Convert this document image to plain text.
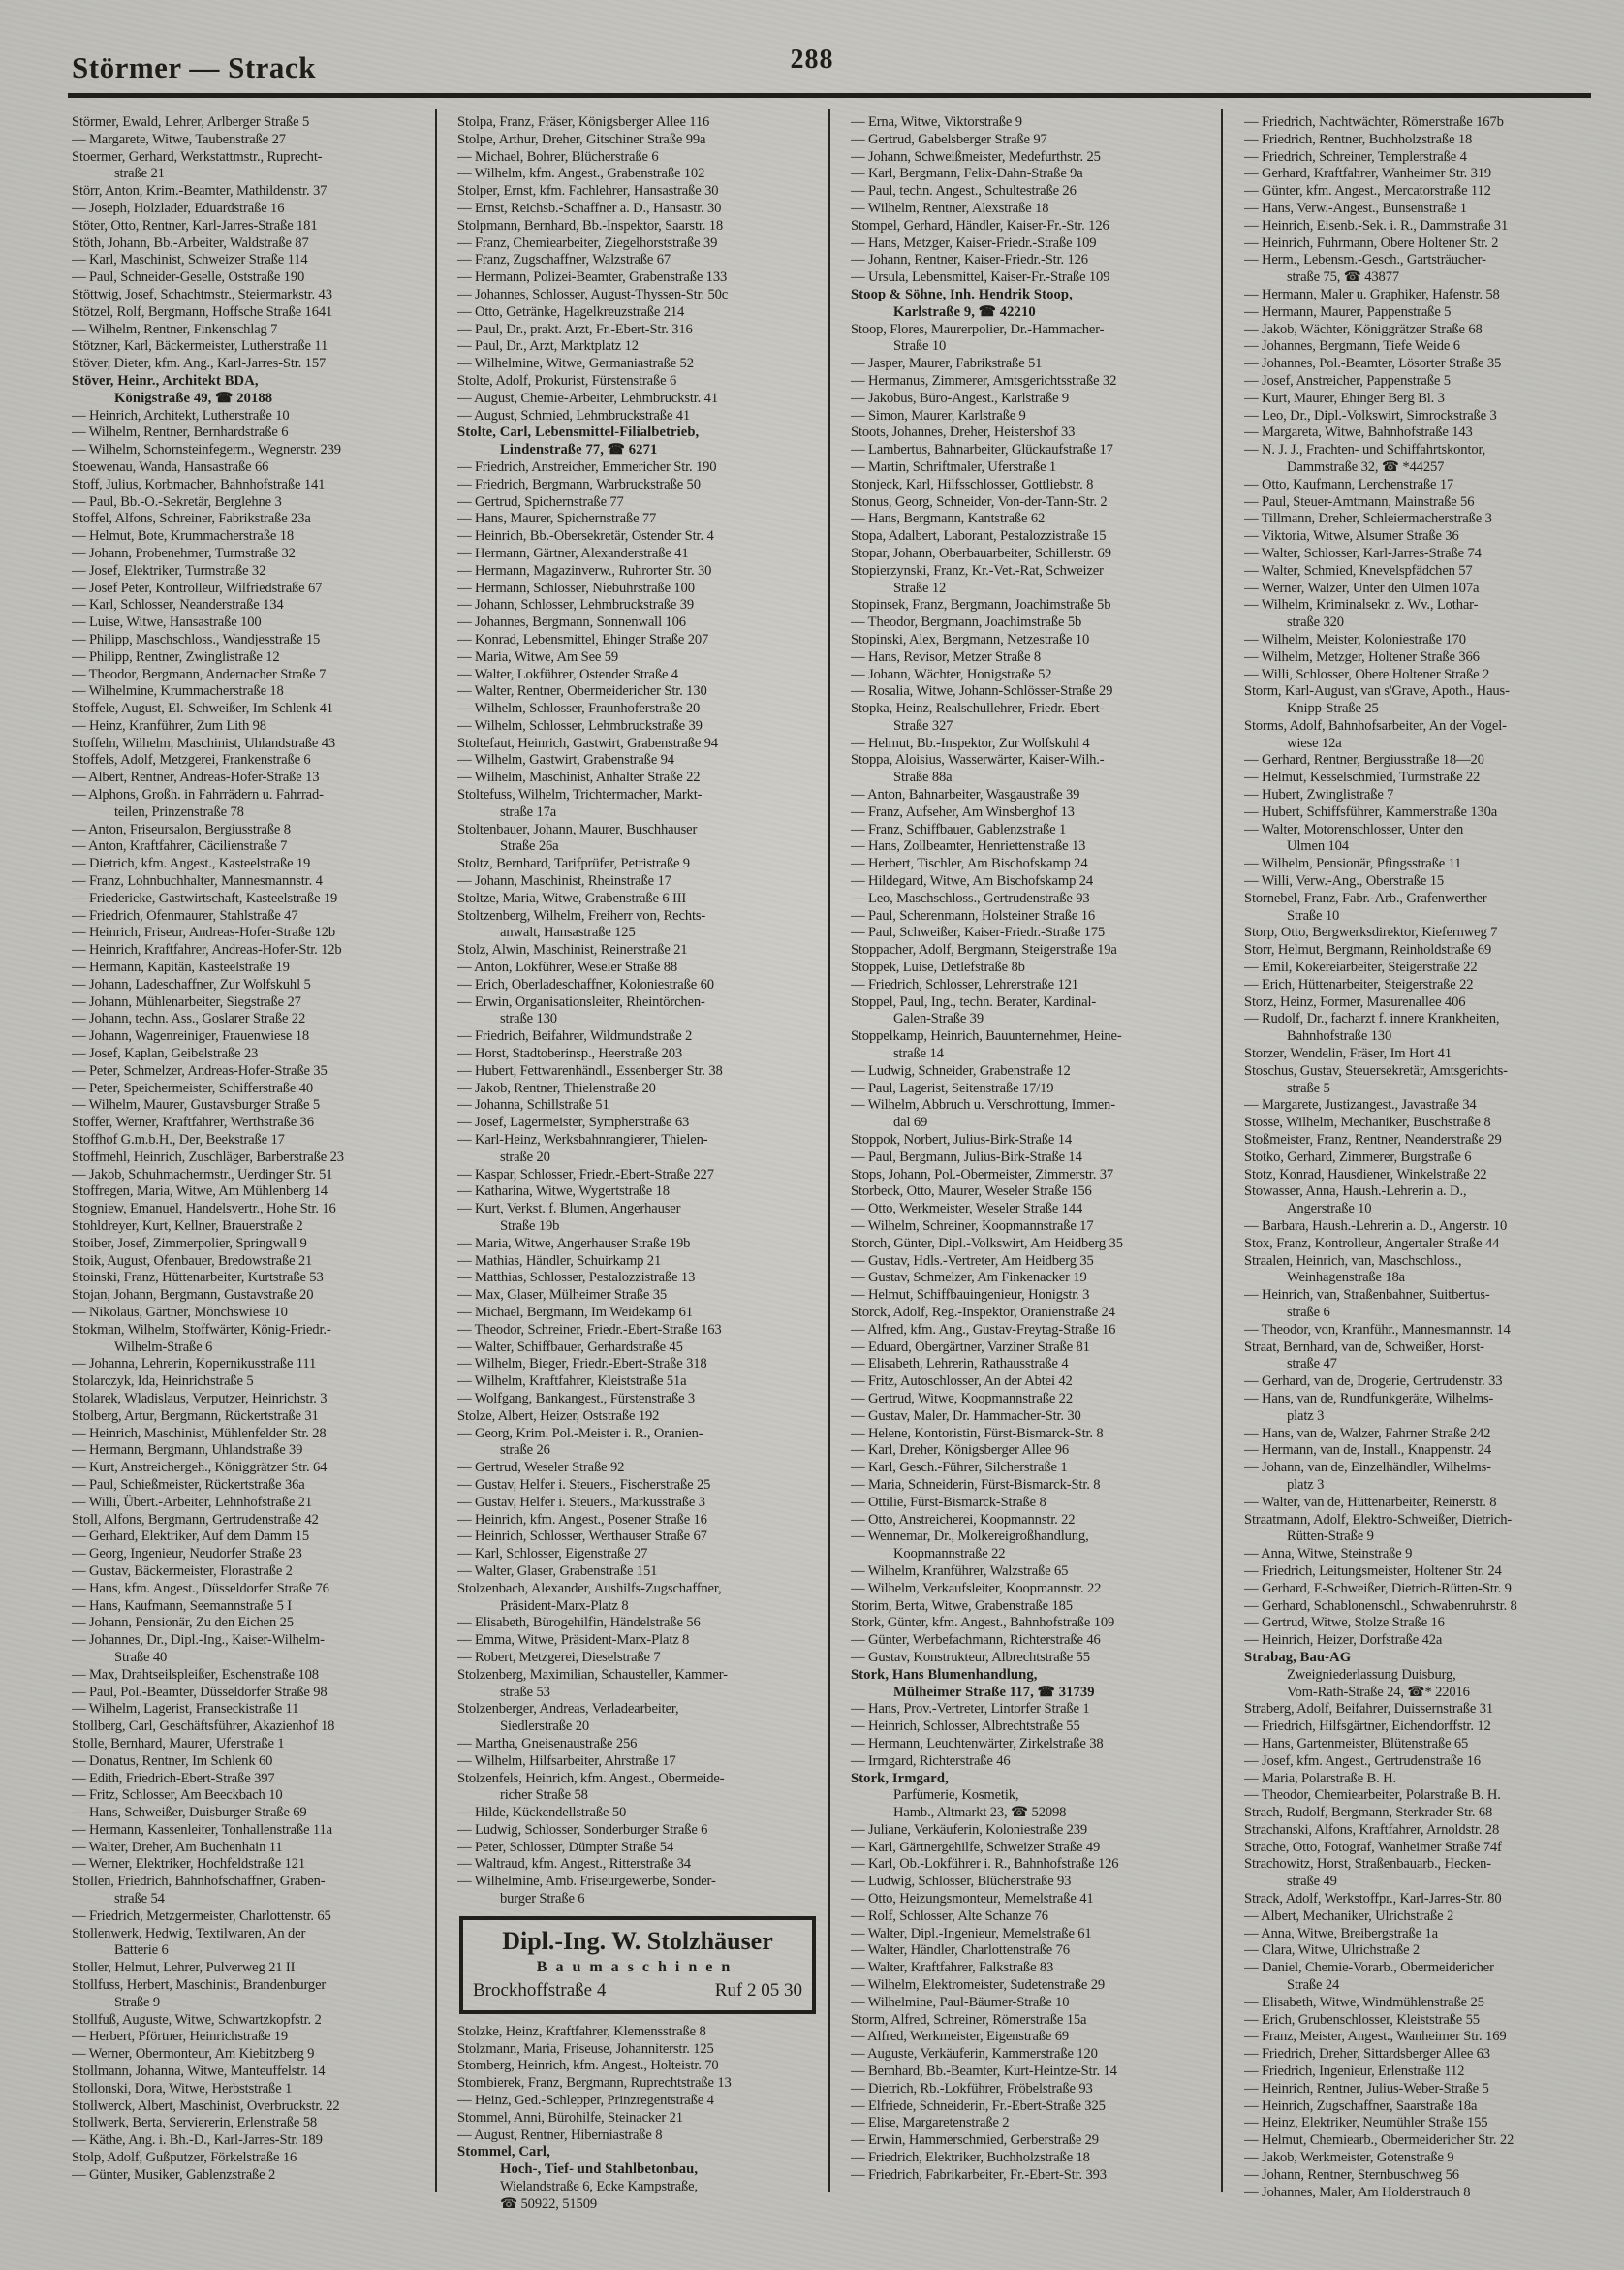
Störmer — Strack	288
Störmer, Ewald, Lehrer, Arlberger Straße 5
— Margarete, Witwe, Taubenstraße 27
Stoermer, Gerhard, Werkstattmstr., Ruprecht-
straße 21
Störr, Anton, Krim.-Beamter, Mathildenstr. 37
— Joseph, Holzlader, Eduardstraße 16
Stöter, Otto, Rentner, Karl-Jarres-Straße 181
Stöth, Johann, Bb.-Arbeiter, Waldstraße 87
— Karl, Maschinist, Schweizer Straße 114
— Paul, Schneider-Geselle, Oststraße 190
Stöttwig, Josef, Schachtmstr., Steiermarkstr. 43
Stötzel, Rolf, Bergmann, Hoffsche Straße 1641
— Wilhelm, Rentner, Finkenschlag 7
Stötzner, Karl, Bäckermeister, Lutherstraße 11
Stöver, Dieter, kfm. Ang., Karl-Jarres-Str. 157
Stöver, Heinr., Architekt BDA,
Königstraße 49, ☎ 20188
— Heinrich, Architekt, Lutherstraße 10
— Wilhelm, Rentner, Bernhardstraße 6
— Wilhelm, Schornsteinfegerm., Wegnerstr. 239
Stoewenau, Wanda, Hansastraße 66
Stoff, Julius, Korbmacher, Bahnhofstraße 141
— Paul, Bb.-O.-Sekretär, Berglehne 3
Stoffel, Alfons, Schreiner, Fabrikstraße 23a
— Helmut, Bote, Krummacherstraße 18
— Johann, Probenehmer, Turmstraße 32
— Josef, Elektriker, Turmstraße 32
— Josef Peter, Kontrolleur, Wilfriedstraße 67
— Karl, Schlosser, Neanderstraße 134
— Luise, Witwe, Hansastraße 100
— Philipp, Maschschloss., Wandjesstraße 15
— Philipp, Rentner, Zwinglistraße 12
— Theodor, Bergmann, Andernacher Straße 7
— Wilhelmine, Krummacherstraße 18
Stoffele, August, El.-Schweißer, Im Schlenk 41
— Heinz, Kranführer, Zum Lith 98
Stoffeln, Wilhelm, Maschinist, Uhlandstraße 43
Stoffels, Adolf, Metzgerei, Frankenstraße 6
— Albert, Rentner, Andreas-Hofer-Straße 13
— Alphons, Großh. in Fahrrädern u. Fahrrad-
teilen, Prinzenstraße 78
— Anton, Friseursalon, Bergiusstraße 8
— Anton, Kraftfahrer, Cäcilienstraße 7
— Dietrich, kfm. Angest., Kasteelstraße 19
— Franz, Lohnbuchhalter, Mannesmannstr. 4
— Friedericke, Gastwirtschaft, Kasteelstraße 19
— Friedrich, Ofenmaurer, Stahlstraße 47
— Heinrich, Friseur, Andreas-Hofer-Straße 12b
— Heinrich, Kraftfahrer, Andreas-Hofer-Str. 12b
— Hermann, Kapitän, Kasteelstraße 19
— Johann, Ladeschaffner, Zur Wolfskuhl 5
— Johann, Mühlenarbeiter, Siegstraße 27
— Johann, techn. Ass., Goslarer Straße 22
— Johann, Wagenreiniger, Frauenwiese 18
— Josef, Kaplan, Geibelstraße 23
— Peter, Schmelzer, Andreas-Hofer-Straße 35
— Peter, Speichermeister, Schifferstraße 40
— Wilhelm, Maurer, Gustavsburger Straße 5
Stoffer, Werner, Kraftfahrer, Werthstraße 36
Stoffhof G.m.b.H., Der, Beekstraße 17
Stoffmehl, Heinrich, Zuschläger, Barberstraße 23
— Jakob, Schuhmachermstr., Uerdinger Str. 51
Stoffregen, Maria, Witwe, Am Mühlenberg 14
Stogniew, Emanuel, Handelsvertr., Hohe Str. 16
Stohldreyer, Kurt, Kellner, Brauerstraße 2
Stoiber, Josef, Zimmerpolier, Springwall 9
Stoik, August, Ofenbauer, Bredowstraße 21
Stoinski, Franz, Hüttenarbeiter, Kurtstraße 53
Stojan, Johann, Bergmann, Gustavstraße 20
— Nikolaus, Gärtner, Mönchswiese 10
Stokman, Wilhelm, Stoffwärter, König-Friedr.-
Wilhelm-Straße 6
— Johanna, Lehrerin, Kopernikusstraße 111
Stolarczyk, Ida, Heinrichstraße 5
Stolarek, Wladislaus, Verputzer, Heinrichstr. 3
Stolberg, Artur, Bergmann, Rückertstraße 31
— Heinrich, Maschinist, Mühlenfelder Str. 28
— Hermann, Bergmann, Uhlandstraße 39
— Kurt, Anstreichergeh., Königgrätzer Str. 64
— Paul, Schießmeister, Rückertstraße 36a
— Willi, Übert.-Arbeiter, Lehnhofstraße 21
Stoll, Alfons, Bergmann, Gertrudenstraße 42
— Gerhard, Elektriker, Auf dem Damm 15
— Georg, Ingenieur, Neudorfer Straße 23
— Gustav, Bäckermeister, Florastraße 2
— Hans, kfm. Angest., Düsseldorfer Straße 76
— Hans, Kaufmann, Seemannstraße 5 I
— Johann, Pensionär, Zu den Eichen 25
— Johannes, Dr., Dipl.-Ing., Kaiser-Wilhelm-
Straße 40
— Max, Drahtseilspleißer, Eschenstraße 108
— Paul, Pol.-Beamter, Düsseldorfer Straße 98
— Wilhelm, Lagerist, Franseckistraße 11
Stollberg, Carl, Geschäftsführer, Akazienhof 18
Stolle, Bernhard, Maurer, Uferstraße 1
— Donatus, Rentner, Im Schlenk 60
— Edith, Friedrich-Ebert-Straße 397
— Fritz, Schlosser, Am Beeckbach 10
— Hans, Schweißer, Duisburger Straße 69
— Hermann, Kassenleiter, Tonhallenstraße 11a
— Walter, Dreher, Am Buchenhain 11
— Werner, Elektriker, Hochfeldstraße 121
Stollen, Friedrich, Bahnhofschaffner, Graben-
straße 54
— Friedrich, Metzgermeister, Charlottenstr. 65
Stollenwerk, Hedwig, Textilwaren, An der
Batterie 6
Stoller, Helmut, Lehrer, Pulverweg 21 II
Stollfuss, Herbert, Maschinist, Brandenburger
Straße 9
Stollfuß, Auguste, Witwe, Schwartzkopfstr. 2
— Herbert, Pförtner, Heinrichstraße 19
— Werner, Obermonteur, Am Kiebitzberg 9
Stollmann, Johanna, Witwe, Manteuffelstr. 14
Stollonski, Dora, Witwe, Herbststraße 1
Stollwerck, Albert, Maschinist, Overbruckstr. 22
Stollwerk, Berta, Serviererin, Erlenstraße 58
— Käthe, Ang. i. Bh.-D., Karl-Jarres-Str. 189
Stolp, Adolf, Gußputzer, Förkelstraße 16
— Günter, Musiker, Gablenzstraße 2
Stolpa, Franz, Fräser, Königsberger Allee 116
Stolpe, Arthur, Dreher, Gitschiner Straße 99a
— Michael, Bohrer, Blücherstraße 6
— Wilhelm, kfm. Angest., Grabenstraße 102
Stolper, Ernst, kfm. Fachlehrer, Hansastraße 30
— Ernst, Reichsb.-Schaffner a. D., Hansastr. 30
Stolpmann, Bernhard, Bb.-Inspektor, Saarstr. 18
— Franz, Chemiearbeiter, Ziegelhorststraße 39
— Franz, Zugschaffner, Walzstraße 67
— Hermann, Polizei-Beamter, Grabenstraße 133
— Johannes, Schlosser, August-Thyssen-Str. 50c
— Otto, Getränke, Hagelkreuzstraße 214
— Paul, Dr., prakt. Arzt, Fr.-Ebert-Str. 316
— Paul, Dr., Arzt, Marktplatz 12
— Wilhelmine, Witwe, Germaniastraße 52
Stolte, Adolf, Prokurist, Fürstenstraße 6
— August, Chemie-Arbeiter, Lehmbruckstr. 41
— August, Schmied, Lehmbruckstraße 41
Stolte, Carl, Lebensmittel-Filialbetrieb,
Lindenstraße 77, ☎ 6271
— Friedrich, Anstreicher, Emmericher Str. 190
— Friedrich, Bergmann, Warbruckstraße 50
— Gertrud, Spichernstraße 77
— Hans, Maurer, Spichernstraße 77
— Heinrich, Bb.-Obersekretär, Ostender Str. 4
— Hermann, Gärtner, Alexanderstraße 41
— Hermann, Magazinverw., Ruhrorter Str. 30
— Hermann, Schlosser, Niebuhrstraße 100
— Johann, Schlosser, Lehmbruckstraße 39
— Johannes, Bergmann, Sonnenwall 106
— Konrad, Lebensmittel, Ehinger Straße 207
— Maria, Witwe, Am See 59
— Walter, Lokführer, Ostender Straße 4
— Walter, Rentner, Obermeidericher Str. 130
— Wilhelm, Schlosser, Fraunhoferstraße 20
— Wilhelm, Schlosser, Lehmbruckstraße 39
Stoltefaut, Heinrich, Gastwirt, Grabenstraße 94
— Wilhelm, Gastwirt, Grabenstraße 94
— Wilhelm, Maschinist, Anhalter Straße 22
Stoltefuss, Wilhelm, Trichtermacher, Markt-
straße 17a
Stoltenbauer, Johann, Maurer, Buschhauser
Straße 26a
Stoltz, Bernhard, Tarifprüfer, Petristraße 9
— Johann, Maschinist, Rheinstraße 17
Stoltze, Maria, Witwe, Grabenstraße 6 III
Stoltzenberg, Wilhelm, Freiherr von, Rechts-
anwalt, Hansastraße 125
Stolz, Alwin, Maschinist, Reinerstraße 21
— Anton, Lokführer, Weseler Straße 88
— Erich, Oberladeschaffner, Koloniestraße 60
— Erwin, Organisationsleiter, Rheintörchen-
straße 130
— Friedrich, Beifahrer, Wildmundstraße 2
— Horst, Stadtoberinsp., Heerstraße 203
— Hubert, Fettwarenhändl., Essenberger Str. 38
— Jakob, Rentner, Thielenstraße 20
— Johanna, Schillstraße 51
— Josef, Lagermeister, Sympherstraße 63
— Karl-Heinz, Werksbahnrangierer, Thielen-
straße 20
— Kaspar, Schlosser, Friedr.-Ebert-Straße 227
— Katharina, Witwe, Wygertstraße 18
— Kurt, Verkst. f. Blumen, Angerhauser
Straße 19b
— Maria, Witwe, Angerhauser Straße 19b
— Mathias, Händler, Schuirkamp 21
— Matthias, Schlosser, Pestalozzistraße 13
— Max, Glaser, Mülheimer Straße 35
— Michael, Bergmann, Im Weidekamp 61
— Theodor, Schreiner, Friedr.-Ebert-Straße 163
— Walter, Schiffbauer, Gerhardstraße 45
— Wilhelm, Bieger, Friedr.-Ebert-Straße 318
— Wilhelm, Kraftfahrer, Kleiststraße 51a
— Wolfgang, Bankangest., Fürstenstraße 3
Stolze, Albert, Heizer, Oststraße 192
— Georg, Krim. Pol.-Meister i. R., Oranien-
straße 26
— Gertrud, Weseler Straße 92
— Gustav, Helfer i. Steuers., Fischerstraße 25
— Gustav, Helfer i. Steuers., Markusstraße 3
— Heinrich, kfm. Angest., Posener Straße 16
— Heinrich, Schlosser, Werthauser Straße 67
— Karl, Schlosser, Eigenstraße 27
— Walter, Glaser, Grabenstraße 151
Stolzenbach, Alexander, Aushilfs-Zugschaffner,
Präsident-Marx-Platz 8
— Elisabeth, Bürogehilfin, Händelstraße 56
— Emma, Witwe, Präsident-Marx-Platz 8
— Robert, Metzgerei, Dieselstraße 7
Stolzenberg, Maximilian, Schausteller, Kammer-
straße 53
Stolzenberger, Andreas, Verladearbeiter,
Siedlerstraße 20
— Martha, Gneisenaustraße 256
— Wilhelm, Hilfsarbeiter, Ahrstraße 17
Stolzenfels, Heinrich, kfm. Angest., Obermeide-
richer Straße 58
— Hilde, Kückendellstraße 50
— Ludwig, Schlosser, Sonderburger Straße 6
— Peter, Schlosser, Dümpter Straße 54
— Waltraud, kfm. Angest., Ritterstraße 34
— Wilhelmine, Amb. Friseurgewerbe, Sonder-
burger Straße 6
Dipl.-Ing. W. Stolzhäuser
Baumaschinen
Brockhoffstraße 4	Ruf 2 05 30
Stolzke, Heinz, Kraftfahrer, Klemensstraße 8
Stolzmann, Maria, Friseuse, Johanniterstr. 125
Stomberg, Heinrich, kfm. Angest., Holteistr. 70
Stombierek, Franz, Bergmann, Ruprechtstraße 13
— Heinz, Ged.-Schlepper, Prinzregentstraße 4
Stommel, Anni, Bürohilfe, Steinacker 21
— August, Rentner, Hiberniastraße 8
Stommel, Carl,
Hoch-, Tief- und Stahlbetonbau,
Wielandstraße 6, Ecke Kampstraße,
☎ 50922, 51509
— Erna, Witwe, Viktorstraße 9
— Gertrud, Gabelsberger Straße 97
— Johann, Schweißmeister, Medefurthstr. 25
— Karl, Bergmann, Felix-Dahn-Straße 9a
— Paul, techn. Angest., Schultestraße 26
— Wilhelm, Rentner, Alexstraße 18
Stompel, Gerhard, Händler, Kaiser-Fr.-Str. 126
— Hans, Metzger, Kaiser-Friedr.-Straße 109
— Johann, Rentner, Kaiser-Friedr.-Str. 126
— Ursula, Lebensmittel, Kaiser-Fr.-Straße 109
Stoop & Söhne, Inh. Hendrik Stoop,
Karlstraße 9, ☎ 42210
Stoop, Flores, Maurerpolier, Dr.-Hammacher-
Straße 10
— Jasper, Maurer, Fabrikstraße 51
— Hermanus, Zimmerer, Amtsgerichtsstraße 32
— Jakobus, Büro-Angest., Karlstraße 9
— Simon, Maurer, Karlstraße 9
Stoots, Johannes, Dreher, Heistershof 33
— Lambertus, Bahnarbeiter, Glückaufstraße 17
— Martin, Schriftmaler, Uferstraße 1
Stonjeck, Karl, Hilfsschlosser, Gottliebstr. 8
Stonus, Georg, Schneider, Von-der-Tann-Str. 2
— Hans, Bergmann, Kantstraße 62
Stopa, Adalbert, Laborant, Pestalozzistraße 15
Stopar, Johann, Oberbauarbeiter, Schillerstr. 69
Stopierzynski, Franz, Kr.-Vet.-Rat, Schweizer
Straße 12
Stopinsek, Franz, Bergmann, Joachimstraße 5b
— Theodor, Bergmann, Joachimstraße 5b
Stopinski, Alex, Bergmann, Netzestraße 10
— Hans, Revisor, Metzer Straße 8
— Johann, Wächter, Honigstraße 52
— Rosalia, Witwe, Johann-Schlösser-Straße 29
Stopka, Heinz, Realschullehrer, Friedr.-Ebert-
Straße 327
— Helmut, Bb.-Inspektor, Zur Wolfskuhl 4
Stoppa, Aloisius, Wasserwärter, Kaiser-Wilh.-
Straße 88a
— Anton, Bahnarbeiter, Wasgaustraße 39
— Franz, Aufseher, Am Winsberghof 13
— Franz, Schiffbauer, Gablenzstraße 1
— Hans, Zollbeamter, Henriettenstraße 13
— Herbert, Tischler, Am Bischofskamp 24
— Hildegard, Witwe, Am Bischofskamp 24
— Leo, Maschschloss., Gertrudenstraße 93
— Paul, Scherenmann, Holsteiner Straße 16
— Paul, Schweißer, Kaiser-Friedr.-Straße 175
Stoppacher, Adolf, Bergmann, Steigerstraße 19a
Stoppek, Luise, Detlefstraße 8b
— Friedrich, Schlosser, Lehrerstraße 121
Stoppel, Paul, Ing., techn. Berater, Kardinal-
Galen-Straße 39
Stoppelkamp, Heinrich, Bauunternehmer, Heine-
straße 14
— Ludwig, Schneider, Grabenstraße 12
— Paul, Lagerist, Seitenstraße 17/19
— Wilhelm, Abbruch u. Verschrottung, Immen-
dal 69
Stoppok, Norbert, Julius-Birk-Straße 14
— Paul, Bergmann, Julius-Birk-Straße 14
Stops, Johann, Pol.-Obermeister, Zimmerstr. 37
Storbeck, Otto, Maurer, Weseler Straße 156
— Otto, Werkmeister, Weseler Straße 144
— Wilhelm, Schreiner, Koopmannstraße 17
Storch, Günter, Dipl.-Volkswirt, Am Heidberg 35
— Gustav, Hdls.-Vertreter, Am Heidberg 35
— Gustav, Schmelzer, Am Finkenacker 19
— Helmut, Schiffbauingenieur, Honigstr. 3
Storck, Adolf, Reg.-Inspektor, Oranienstraße 24
— Alfred, kfm. Ang., Gustav-Freytag-Straße 16
— Eduard, Obergärtner, Varziner Straße 81
— Elisabeth, Lehrerin, Rathausstraße 4
— Fritz, Autoschlosser, An der Abtei 42
— Gertrud, Witwe, Koopmannstraße 22
— Gustav, Maler, Dr. Hammacher-Str. 30
— Helene, Kontoristin, Fürst-Bismarck-Str. 8
— Karl, Dreher, Königsberger Allee 96
— Karl, Gesch.-Führer, Silcherstraße 1
— Maria, Schneiderin, Fürst-Bismarck-Str. 8
— Ottilie, Fürst-Bismarck-Straße 8
— Otto, Anstreicherei, Koopmannstr. 22
— Wennemar, Dr., Molkereigroßhandlung,
Koopmannstraße 22
— Wilhelm, Kranführer, Walzstraße 65
— Wilhelm, Verkaufsleiter, Koopmannstr. 22
Storim, Berta, Witwe, Grabenstraße 185
Stork, Günter, kfm. Angest., Bahnhofstraße 109
— Günter, Werbefachmann, Richterstraße 46
— Gustav, Konstrukteur, Albrechtstraße 55
Stork, Hans Blumenhandlung,
Mülheimer Straße 117, ☎ 31739
— Hans, Prov.-Vertreter, Lintorfer Straße 1
— Heinrich, Schlosser, Albrechtstraße 55
— Hermann, Leuchtenwärter, Zirkelstraße 38
— Irmgard, Richterstraße 46
Stork, Irmgard,
Parfümerie, Kosmetik,
Hamb., Altmarkt 23, ☎ 52098
— Juliane, Verkäuferin, Koloniestraße 239
— Karl, Gärtnergehilfe, Schweizer Straße 49
— Karl, Ob.-Lokführer i. R., Bahnhofstraße 126
— Ludwig, Schlosser, Blücherstraße 93
— Otto, Heizungsmonteur, Memelstraße 41
— Rolf, Schlosser, Alte Schanze 76
— Walter, Dipl.-Ingenieur, Memelstraße 61
— Walter, Händler, Charlottenstraße 76
— Walter, Kraftfahrer, Falkstraße 83
— Wilhelm, Elektromeister, Sudetenstraße 29
— Wilhelmine, Paul-Bäumer-Straße 10
Storm, Alfred, Schreiner, Römerstraße 15a
— Alfred, Werkmeister, Eigenstraße 69
— Auguste, Verkäuferin, Kammerstraße 120
— Bernhard, Bb.-Beamter, Kurt-Heintze-Str. 14
— Dietrich, Rb.-Lokführer, Fröbelstraße 93
— Elfriede, Schneiderin, Fr.-Ebert-Straße 325
— Elise, Margaretenstraße 2
— Erwin, Hammerschmied, Gerberstraße 29
— Friedrich, Elektriker, Buchholzstraße 18
— Friedrich, Fabrikarbeiter, Fr.-Ebert-Str. 393
— Friedrich, Nachtwächter, Römerstraße 167b
— Friedrich, Rentner, Buchholzstraße 18
— Friedrich, Schreiner, Templerstraße 4
— Gerhard, Kraftfahrer, Wanheimer Str. 319
— Günter, kfm. Angest., Mercatorstraße 112
— Hans, Verw.-Angest., Bunsenstraße 1
— Heinrich, Eisenb.-Sek. i. R., Dammstraße 31
— Heinrich, Fuhrmann, Obere Holtener Str. 2
— Herm., Lebensm.-Gesch., Gartsträucher-
straße 75, ☎ 43877
— Hermann, Maler u. Graphiker, Hafenstr. 58
— Hermann, Maurer, Pappenstraße 5
— Jakob, Wächter, Königgrätzer Straße 68
— Johannes, Bergmann, Tiefe Weide 6
— Johannes, Pol.-Beamter, Lösorter Straße 35
— Josef, Anstreicher, Pappenstraße 5
— Kurt, Maurer, Ehinger Berg Bl. 3
— Leo, Dr., Dipl.-Volkswirt, Simrockstraße 3
— Margareta, Witwe, Bahnhofstraße 143
— N. J. J., Frachten- und Schiffahrtskontor,
Dammstraße 32, ☎ *44257
— Otto, Kaufmann, Lerchenstraße 17
— Paul, Steuer-Amtmann, Mainstraße 56
— Tillmann, Dreher, Schleiermacherstraße 3
— Viktoria, Witwe, Alsumer Straße 36
— Walter, Schlosser, Karl-Jarres-Straße 74
— Walter, Schmied, Knevelspfädchen 57
— Werner, Walzer, Unter den Ulmen 107a
— Wilhelm, Kriminalsekr. z. Wv., Lothar-
straße 320
— Wilhelm, Meister, Koloniestraße 170
— Wilhelm, Metzger, Holtener Straße 366
— Willi, Schlosser, Obere Holtener Straße 2
Storm, Karl-August, van s'Grave, Apoth., Haus-
Knipp-Straße 25
Storms, Adolf, Bahnhofsarbeiter, An der Vogel-
wiese 12a
— Gerhard, Rentner, Bergiusstraße 18—20
— Helmut, Kesselschmied, Turmstraße 22
— Hubert, Zwinglistraße 7
— Hubert, Schiffsführer, Kammerstraße 130a
— Walter, Motorenschlosser, Unter den
Ulmen 104
— Wilhelm, Pensionär, Pfingsstraße 11
— Willi, Verw.-Ang., Oberstraße 15
Stornebel, Franz, Fabr.-Arb., Grafenwerther
Straße 10
Storp, Otto, Bergwerksdirektor, Kiefernweg 7
Storr, Helmut, Bergmann, Reinholdstraße 69
— Emil, Kokereiarbeiter, Steigerstraße 22
— Erich, Hüttenarbeiter, Steigerstraße 22
Storz, Heinz, Former, Masurenallee 406
— Rudolf, Dr., facharzt f. innere Krankheiten,
Bahnhofstraße 130
Storzer, Wendelin, Fräser, Im Hort 41
Stoschus, Gustav, Steuersekretär, Amtsgerichts-
straße 5
— Margarete, Justizangest., Javastraße 34
Stosse, Wilhelm, Mechaniker, Buschstraße 8
Stoßmeister, Franz, Rentner, Neanderstraße 29
Stotko, Gerhard, Zimmerer, Burgstraße 6
Stotz, Konrad, Hausdiener, Winkelstraße 22
Stowasser, Anna, Haush.-Lehrerin a. D.,
Angerstraße 10
— Barbara, Haush.-Lehrerin a. D., Angerstr. 10
Stox, Franz, Kontrolleur, Angertaler Straße 44
Straalen, Heinrich, van, Maschschloss.,
Weinhagenstraße 18a
— Heinrich, van, Straßenbahner, Suitbertus-
straße 6
— Theodor, von, Kranführ., Mannesmannstr. 14
Straat, Bernhard, van de, Schweißer, Horst-
straße 47
— Gerhard, van de, Drogerie, Gertrudenstr. 33
— Hans, van de, Rundfunkgeräte, Wilhelms-
platz 3
— Hans, van de, Walzer, Fahrner Straße 242
— Hermann, van de, Install., Knappenstr. 24
— Johann, van de, Einzelhändler, Wilhelms-
platz 3
— Walter, van de, Hüttenarbeiter, Reinerstr. 8
Straatmann, Adolf, Elektro-Schweißer, Dietrich-
Rütten-Straße 9
— Anna, Witwe, Steinstraße 9
— Friedrich, Leitungsmeister, Holtener Str. 24
— Gerhard, E-Schweißer, Dietrich-Rütten-Str. 9
— Gerhard, Schablonenschl., Schwabenruhrstr. 8
— Gertrud, Witwe, Stolze Straße 16
— Heinrich, Heizer, Dorfstraße 42a
Strabag, Bau-AG
Zweigniederlassung Duisburg,
Vom-Rath-Straße 24, ☎* 22016
Straberg, Adolf, Beifahrer, Duissernstraße 31
— Friedrich, Hilfsgärtner, Eichendorffstr. 12
— Hans, Gartenmeister, Blütenstraße 65
— Josef, kfm. Angest., Gertrudenstraße 16
— Maria, Polarstraße B. H.
— Theodor, Chemiearbeiter, Polarstraße B. H.
Strach, Rudolf, Bergmann, Sterkrader Str. 68
Strachanski, Alfons, Kraftfahrer, Arnoldstr. 28
Strache, Otto, Fotograf, Wanheimer Straße 74f
Strachowitz, Horst, Straßenbauarb., Hecken-
straße 49
Strack, Adolf, Werkstoffpr., Karl-Jarres-Str. 80
— Albert, Mechaniker, Ulrichstraße 2
— Anna, Witwe, Breibergstraße 1a
— Clara, Witwe, Ulrichstraße 2
— Daniel, Chemie-Vorarb., Obermeidericher
Straße 24
— Elisabeth, Witwe, Windmühlenstraße 25
— Erich, Grubenschlosser, Kleiststraße 55
— Franz, Meister, Angest., Wanheimer Str. 169
— Friedrich, Dreher, Sittardsberger Allee 63
— Friedrich, Ingenieur, Erlenstraße 112
— Heinrich, Rentner, Julius-Weber-Straße 5
— Heinrich, Zugschaffner, Saarstraße 18a
— Heinz, Elektriker, Neumühler Straße 155
— Helmut, Chemiearb., Obermeidericher Str. 22
— Jakob, Werkmeister, Gotenstraße 9
— Johann, Rentner, Sternbuschweg 56
— Johannes, Maler, Am Holderstrauch 8
